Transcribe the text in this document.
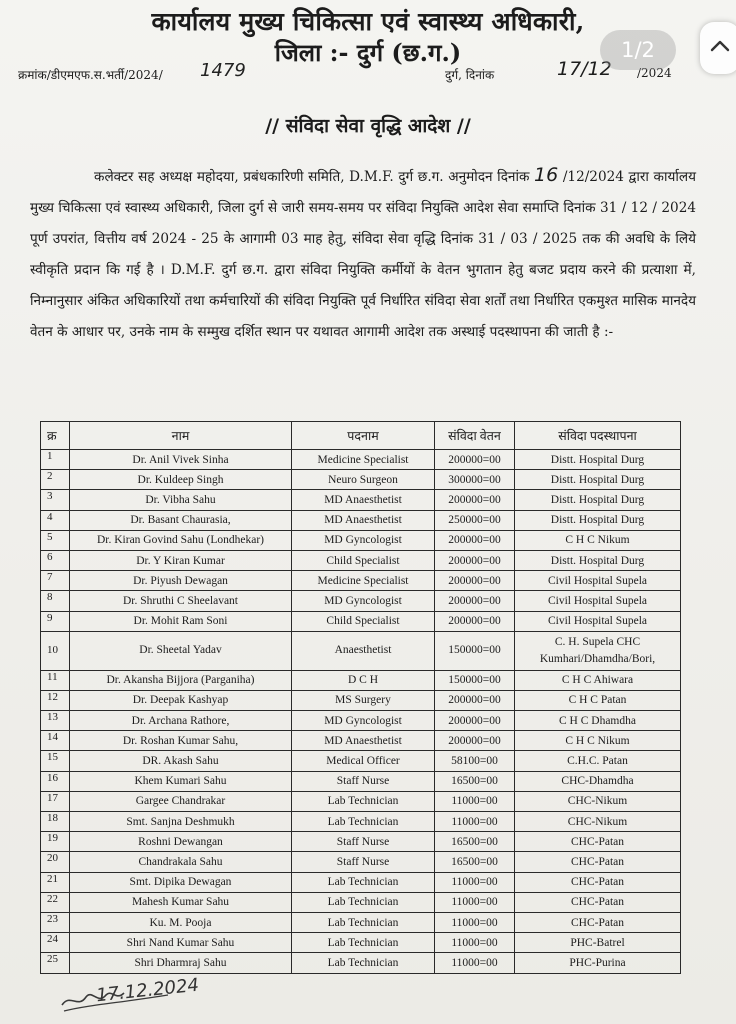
कार्यालय मुख्य चिकित्सा एवं स्वास्थ्य अधिकारी,
जिला :- दुर्ग (छ.ग.)
क्रमांक/डीएमएफ.स.भर्ती/2024/ 1479	दुर्ग, दिनांक	17/12 /2024
1/2
// संविदा सेवा वृद्धि आदेश //
कलेक्टर सह अध्यक्ष महोदया, प्रबंधकारिणी समिति, D.M.F. दुर्ग छ.ग. अनुमोदन दिनांक 16 /12/2024 द्वारा कार्यालय मुख्य चिकित्सा एवं स्वास्थ्य अधिकारी, जिला दुर्ग से जारी समय-समय पर संविदा नियुक्ति आदेश सेवा समाप्ति दिनांक 31 / 12 / 2024 पूर्ण उपरांत, वित्तीय वर्ष 2024 - 25 के आगामी 03 माह हेतु, संविदा सेवा वृद्धि दिनांक 31 / 03 / 2025 तक की अवधि के लिये स्वीकृति प्रदान कि गई है । D.M.F. दुर्ग छ.ग. द्वारा संविदा नियुक्ति कर्मीयों के वेतन भुगतान हेतु बजट प्रदाय करने की प्रत्याशा में, निम्नानुसार अंकित अधिकारियों तथा कर्मचारियों की संविदा नियुक्ति पूर्व निर्धारित संविदा सेवा शर्तों तथा निर्धारित एकमुश्त मासिक मानदेय वेतन के आधार पर, उनके नाम के सम्मुख दर्शित स्थान पर यथावत आगामी आदेश तक अस्थाई पदस्थापना की जाती है :-
क्र	नाम	पदनाम	संविदा वेतन	संविदा पदस्थापना
1	Dr. Anil Vivek Sinha	Medicine Specialist	200000=00	Distt. Hospital Durg
2	Dr. Kuldeep Singh	Neuro Surgeon	300000=00	Distt. Hospital Durg
3	Dr. Vibha Sahu	MD Anaesthetist	200000=00	Distt. Hospital Durg
4	Dr. Basant Chaurasia,	MD Anaesthetist	250000=00	Distt. Hospital Durg
5	Dr. Kiran Govind Sahu (Londhekar)	MD Gyncologist	200000=00	C H C Nikum
6	Dr. Y Kiran Kumar	Child Specialist	200000=00	Distt. Hospital Durg
7	Dr. Piyush Dewagan	Medicine Specialist	200000=00	Civil Hospital Supela
8	Dr. Shruthi C Sheelavant	MD Gyncologist	200000=00	Civil Hospital Supela
9	Dr. Mohit Ram Soni	Child Specialist	200000=00	Civil Hospital Supela
10	Dr. Sheetal Yadav	Anaesthetist	150000=00	C. H. Supela CHC Kumhari/Dhamdha/Bori,
11	Dr. Akansha Bijjora (Parganiha)	D C H	150000=00	C H C Ahiwara
12	Dr. Deepak Kashyap	MS Surgery	200000=00	C H C Patan
13	Dr. Archana Rathore,	MD Gyncologist	200000=00	C H C Dhamdha
14	Dr. Roshan Kumar Sahu,	MD Anaesthetist	200000=00	C H C Nikum
15	DR. Akash Sahu	Medical Officer	58100=00	C.H.C. Patan
16	Khem Kumari Sahu	Staff Nurse	16500=00	CHC-Dhamdha
17	Gargee Chandrakar	Lab Technician	11000=00	CHC-Nikum
18	Smt. Sanjna Deshmukh	Lab Technician	11000=00	CHC-Nikum
19	Roshni Dewangan	Staff Nurse	16500=00	CHC-Patan
20	Chandrakala Sahu	Staff Nurse	16500=00	CHC-Patan
21	Smt. Dipika Dewagan	Lab Technician	11000=00	CHC-Patan
22	Mahesh Kumar Sahu	Lab Technician	11000=00	CHC-Patan
23	Ku. M. Pooja	Lab Technician	11000=00	CHC-Patan
24	Shri Nand Kumar Sahu	Lab Technician	11000=00	PHC-Batrel
25	Shri Dharmraj Sahu	Lab Technician	11000=00	PHC-Purina
17.12.2024
